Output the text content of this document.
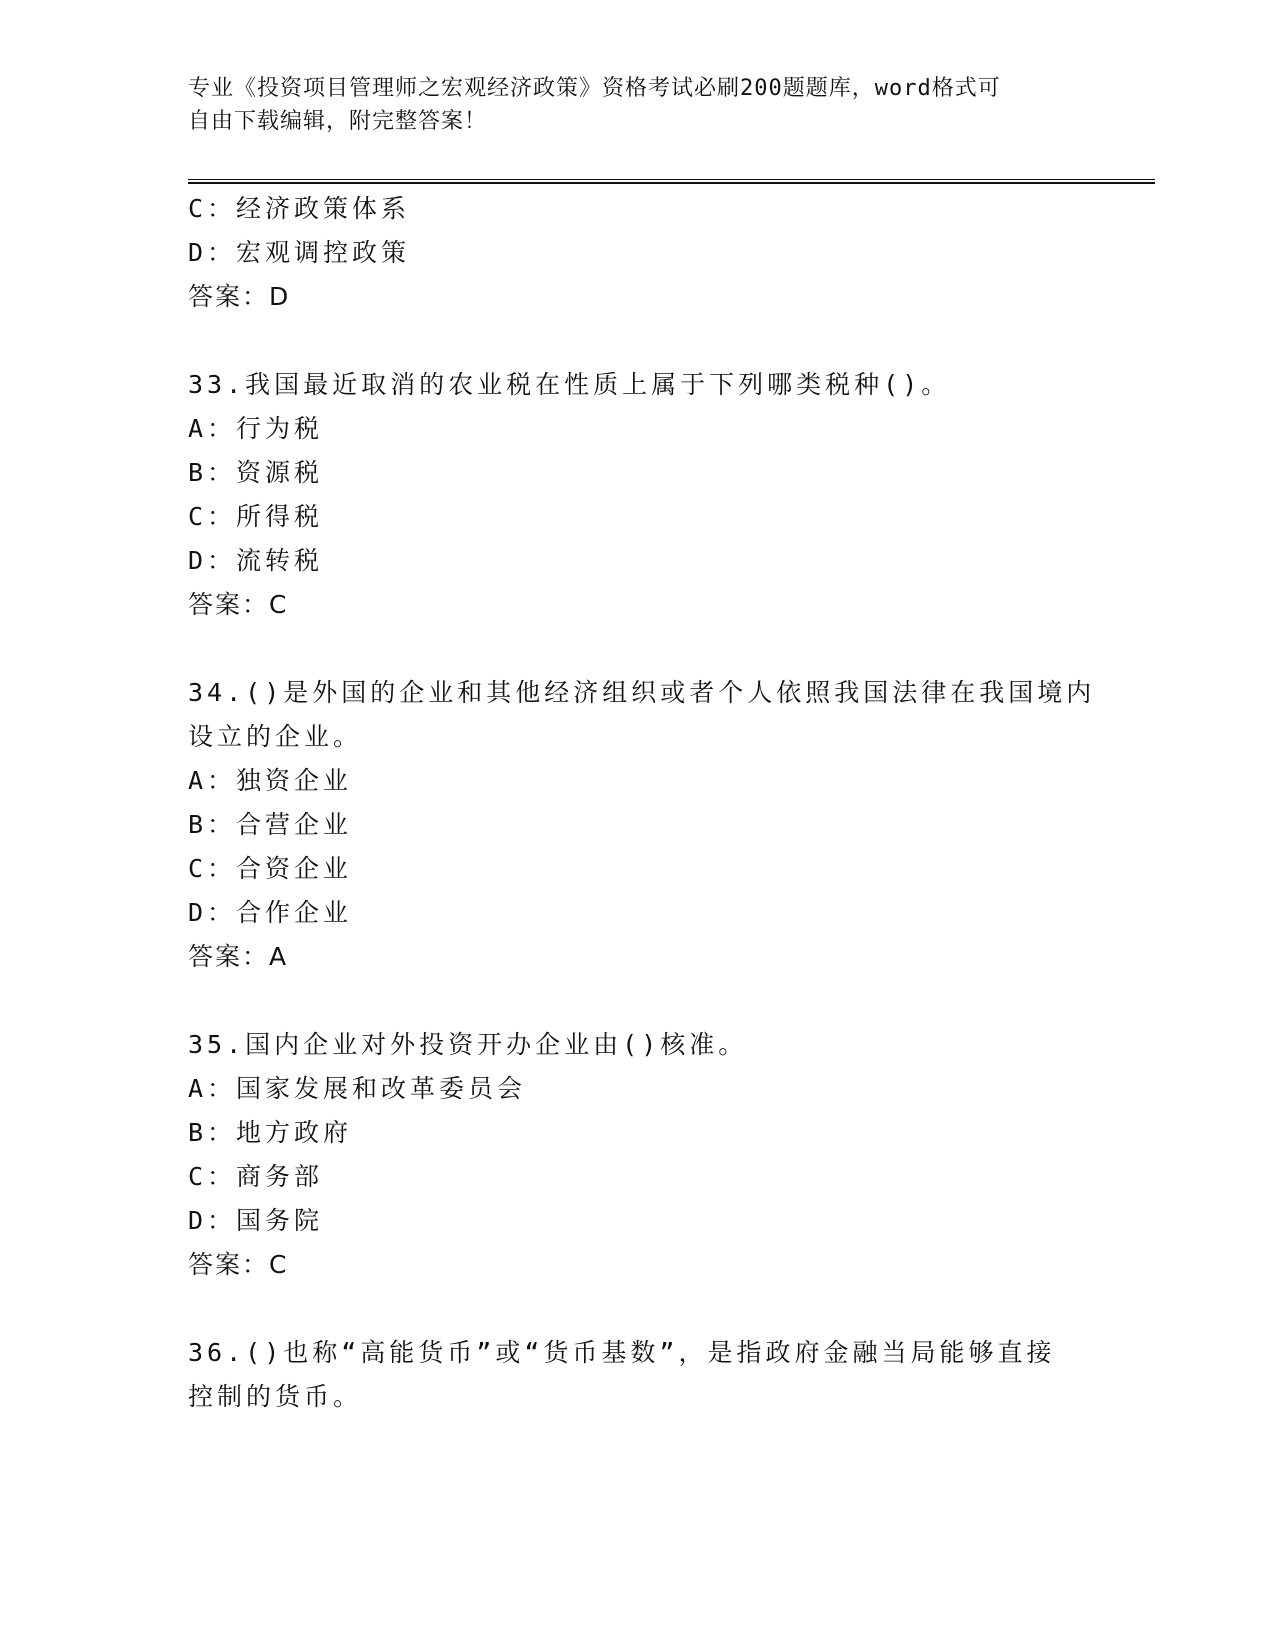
专业《投资项目管理师之宏观经济政策》资格考试必刷200题题库，word格式可
自由下载编辑，附完整答案！
C：经济政策体系
D：宏观调控政策
答案：D
33.我国最近取消的农业税在性质上属于下列哪类税种()。
A：行为税
B：资源税
C：所得税
D：流转税
答案：C
34.()是外国的企业和其他经济组织或者个人依照我国法律在我国境内
设立的企业。
A：独资企业
B：合营企业
C：合资企业
D：合作企业
答案：A
35.国内企业对外投资开办企业由()核准。
A：国家发展和改革委员会
B：地方政府
C：商务部
D：国务院
答案：C
36.()也称“高能货币”或“货币基数”，是指政府金融当局能够直接
控制的货币。
